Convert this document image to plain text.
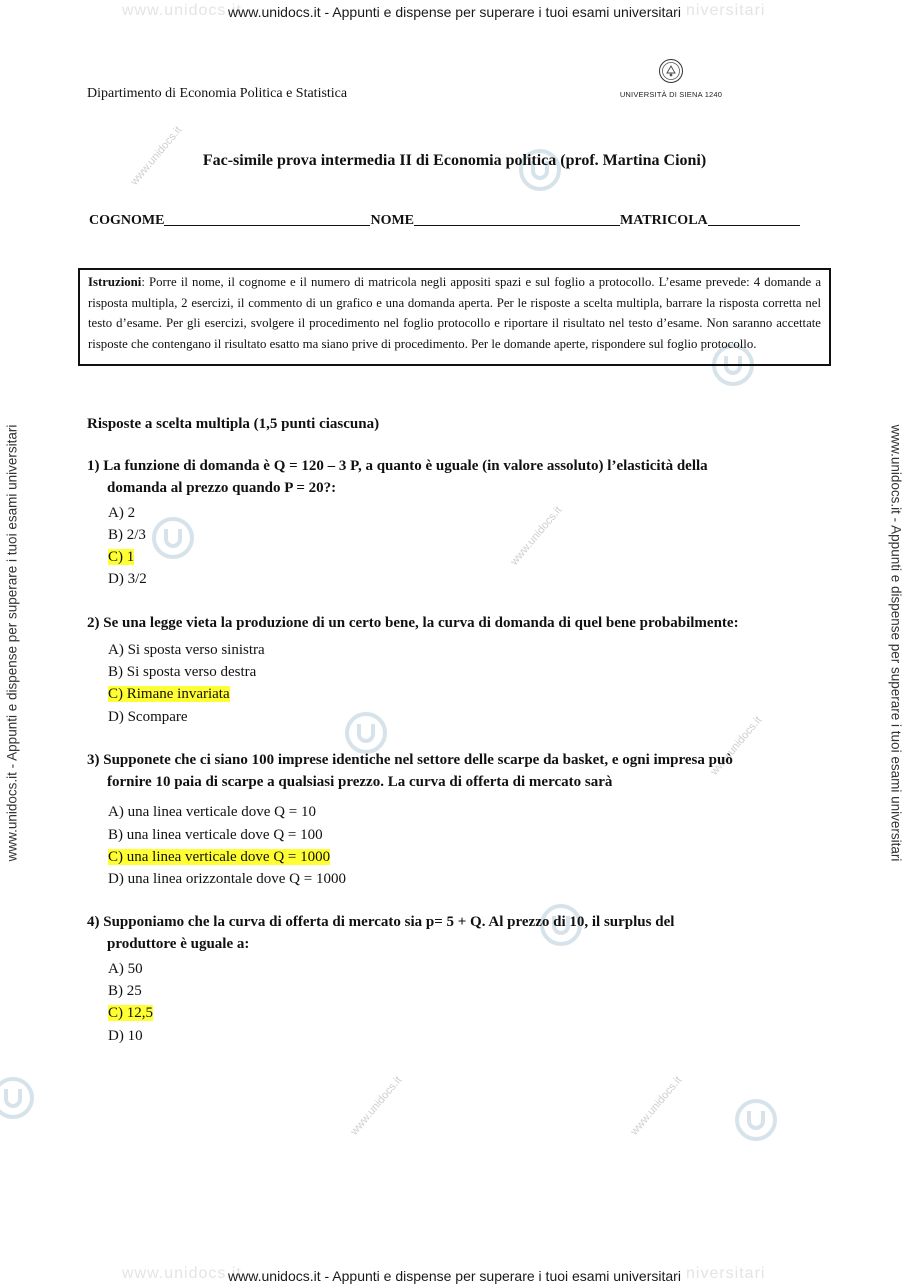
www.unidocs.it	niversitari
www.unidocs.it	niversitari
www.unidocs.it - Appunti e dispense per superare i tuoi esami universitari
www.unidocs.it - Appunti e dispense per superare i tuoi esami universitari
www.unidocs.it - Appunti e dispense per superare i tuoi esami universitari	www.unidocs.it - Appunti e dispense per superare i tuoi esami universitari
www.unidocs.it
www.unidocs.it
www.unidocs.it
www.unidocs.it	www.unidocs.it
Dipartimento di Economia Politica e Statistica	UNIVERSITÀ DI SIENA 1240
Fac-simile prova intermedia II di Economia politica (prof. Martina Cioni)
COGNOME	NOME	MATRICOLA
Istruzioni: Porre il nome, il cognome e il numero di matricola negli appositi spazi e sul foglio a protocollo. L’esame prevede: 4 domande a risposta multipla, 2 esercizi, il commento di un grafico e una domanda aperta. Per le risposte a scelta multipla, barrare la risposta corretta nel testo d’esame. Per gli esercizi, svolgere il procedimento nel foglio protocollo e riportare il risultato nel testo d’esame. Non saranno accettate risposte che contengano il risultato esatto ma siano prive di procedimento. Per le domande aperte, rispondere sul foglio protocollo.
Risposte a scelta multipla (1,5 punti ciascuna)
1) La funzione di domanda è Q = 120 – 3 P, a quanto è uguale (in valore assoluto) l’elasticità della
domanda al prezzo quando P = 20?:
A) 2
B) 2/3
C) 1
D) 3/2
2) Se una legge vieta la produzione di un certo bene, la curva di domanda di quel bene probabilmente:
A) Si sposta verso sinistra
B) Si sposta verso destra
C) Rimane invariata
D) Scompare
3) Supponete che ci siano 100 imprese identiche nel settore delle scarpe da basket, e ogni impresa può
fornire 10 paia di scarpe a qualsiasi prezzo. La curva di offerta di mercato sarà
A) una linea verticale dove Q = 10
B) una linea verticale dove Q = 100
C) una linea verticale dove Q = 1000
D) una linea orizzontale dove Q = 1000
4) Supponiamo che la curva di offerta di mercato sia p= 5 + Q. Al prezzo di 10, il surplus del
produttore è uguale a:
A) 50
B) 25
C) 12,5
D) 10
